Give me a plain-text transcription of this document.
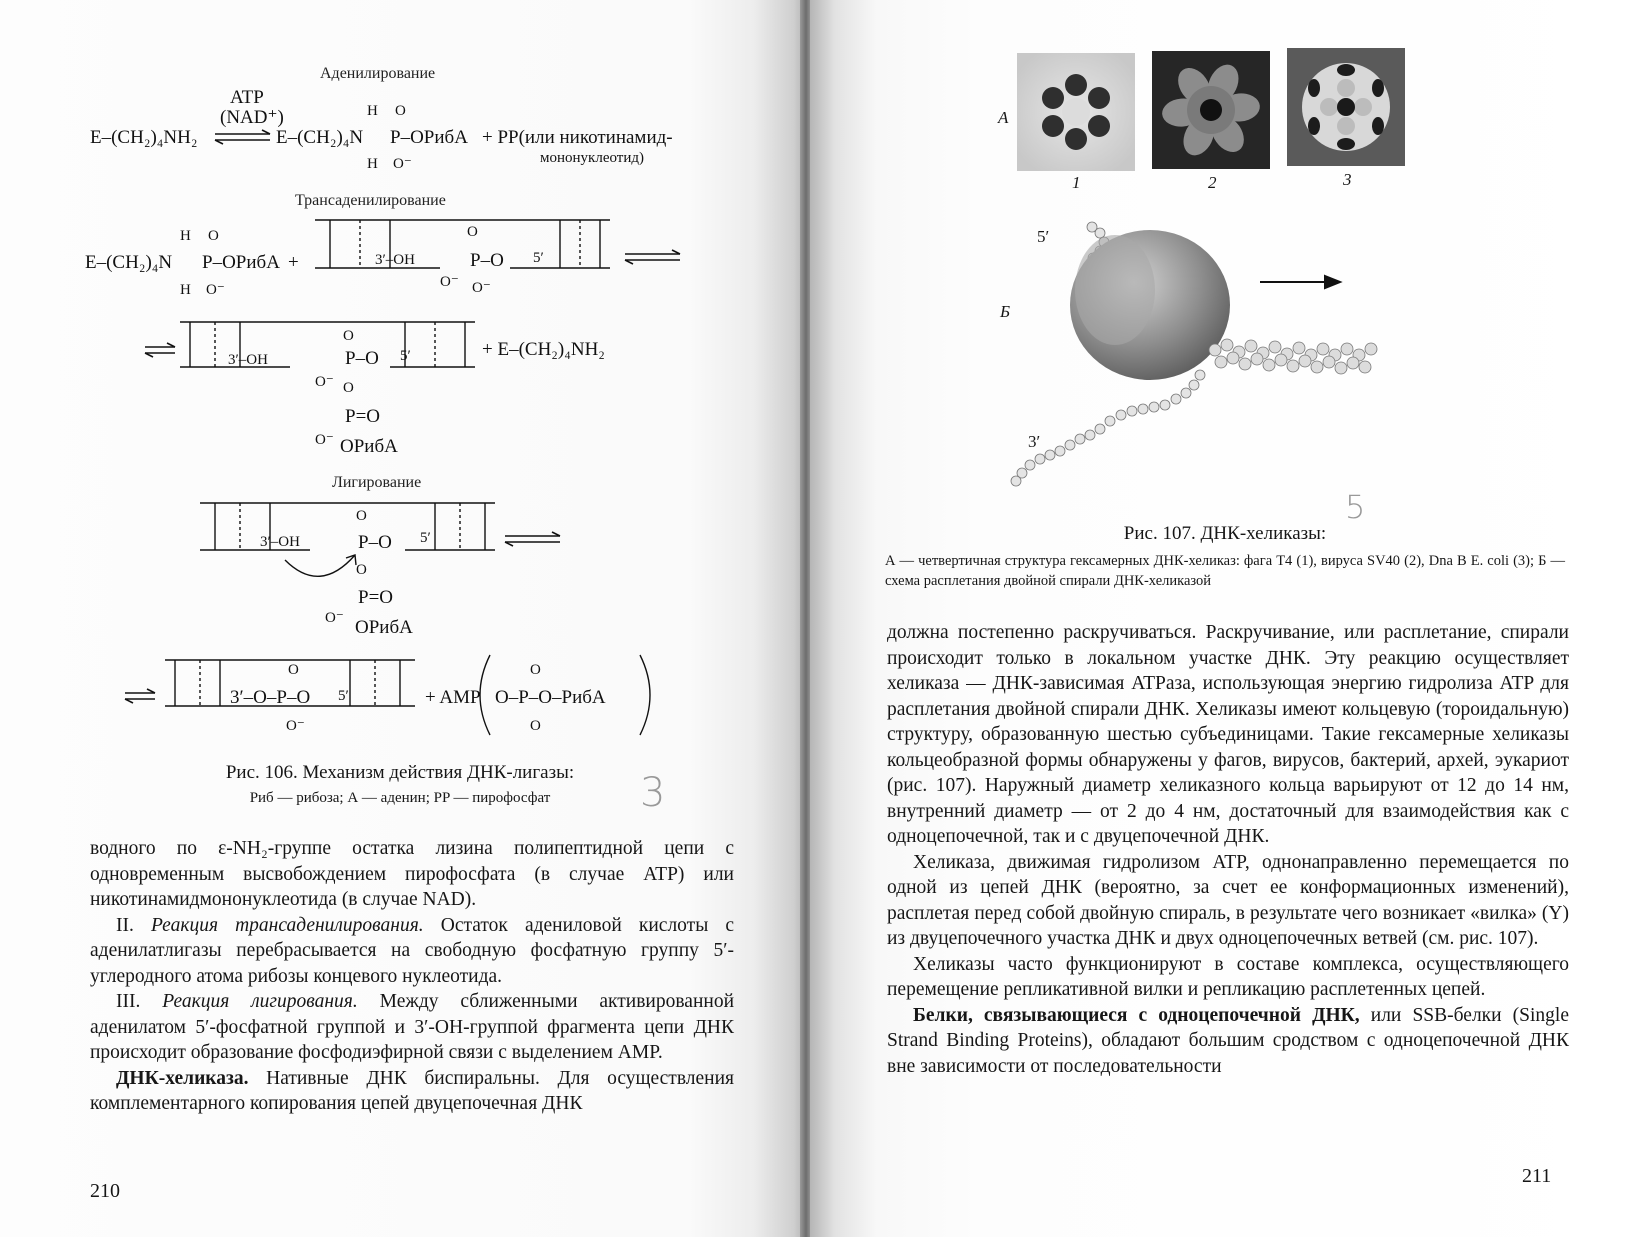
Аденилирование
ATP
(NAD⁺)
E–(CH₂)₄NH₂
H O
E–(CH₂)₄N P–OРибА
H O⁻
+ PP(или никотинамид-
мононуклеотид)
Трансаденилирование
H O
E–(CH₂)₄N P–OРибА +
H O⁻
3′–OH
O
P–O 5′
O⁻ O⁻
3′–OH
O
P–O 5′
O⁻ O
P=O
O⁻ OРибА
+ E–(CH₂)₄NH₂
Лигирование
3′–OH
O
P–O 5′
O
P=O
O⁻ OРибА
O
3′–O–P–O 5′
O⁻
+ AMP
O
O–P–O–РибА
O

Рис. 106. Механизм действия ДНК-лигазы:

Риб — рибоза; А — аденин; PP — пирофосфат	3

водного по ε-NH₂-группе остатка лизина полипептидной цепи с одновременным высвобождением пирофосфата (в случае ATP) или никотинамидмононуклеотида (в случае NAD).

II. Реакция трансаденилирования. Остаток адениловой кислоты с аденилатлигазы перебрасывается на свободную фосфатную группу 5′-углеродного атома рибозы концевого нуклеотида.

III. Реакция лигирования. Между сближенными активированной аденилатом 5′-фосфатной группой и 3′-ОН-группой фрагмента цепи ДНК происходит образование фосфодиэфирной связи с выделением AMP.

ДНК-хеликаза. Нативные ДНК биспиральны. Для осуществления комплементарного копирования цепей двуцепочечная ДНК

210
А
1	2	3
Б
5′
3′
5

Рис. 107. ДНК-хеликазы:

А — четвертичная структура гексамерных ДНК-хеликаз: фага T4 (1), вируса SV40 (2), Dna B E. coli (3); Б — схема расплетания двойной спирали ДНК-хеликазой

должна постепенно раскручиваться. Раскручивание, или расплетание, спирали происходит только в локальном участке ДНК. Эту реакцию осуществляет хеликаза — ДНК-зависимая ATPаза, использующая энергию гидролиза ATP для расплетания двойной спирали ДНК. Хеликазы имеют кольцевую (тороидальную) структуру, образованную шестью субъединицами. Такие гексамерные хеликазы кольцеобразной формы обнаружены у фагов, вирусов, бактерий, архей, эукариот (рис. 107). Наружный диаметр хеликазного кольца варьируют от 12 до 14 нм, внутренний диаметр — от 2 до 4 нм, достаточный для взаимодействия как с одноцепочечной, так и с двуцепочечной ДНК.

Хеликаза, движимая гидролизом ATP, однонаправленно перемещается по одной из цепей ДНК (вероятно, за счет ее конформационных изменений), расплетая перед собой двойную спираль, в результате чего возникает «вилка» (Y) из двуцепочечного участка ДНК и двух одноцепочечных ветвей (см. рис. 107).

Хеликазы часто функционируют в составе комплекса, осуществляющего перемещение репликативной вилки и репликацию расплетенных цепей.

Белки, связывающиеся с одноцепочечной ДНК, или SSB-белки (Single Strand Binding Proteins), обладают большим сродством с одноцепочечной ДНК вне зависимости от последовательности

211
